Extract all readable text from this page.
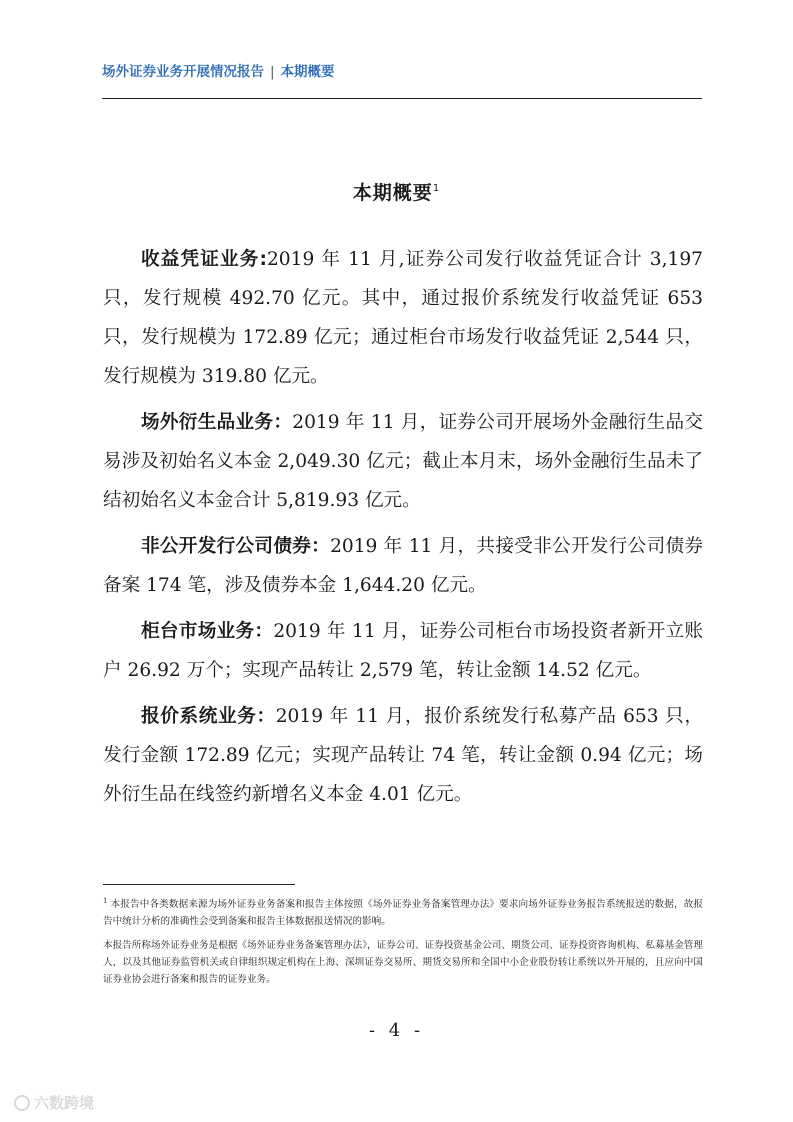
场外证券业务开展情况报告 | 本期概要
本期概要$^1$

收益凭证业务:2019 年 11 月,证券公司发行收益凭证合计 3,197 只，发行规模 492.70 亿元。其中，通过报价系统发行收益凭证 653 只，发行规模为 172.89 亿元；通过柜台市场发行收益凭证 2,544 只，发行规模为 319.80 亿元。

场外衍生品业务：2019 年 11 月，证券公司开展场外金融衍生品交易涉及初始名义本金 2,049.30 亿元；截止本月末，场外金融衍生品未了结初始名义本金合计 5,819.93 亿元。

非公开发行公司债券：2019 年 11 月，共接受非公开发行公司债券备案 174 笔，涉及债券本金 1,644.20 亿元。

柜台市场业务：2019 年 11 月，证券公司柜台市场投资者新开立账户 26.92 万个；实现产品转让 2,579 笔，转让金额 14.52 亿元。

报价系统业务：2019 年 11 月，报价系统发行私募产品 653 只，发行金额 172.89 亿元；实现产品转让 74 笔，转让金额 0.94 亿元；场外衍生品在线签约新增名义本金 4.01 亿元。

$^1$ 本报告中各类数据来源为场外证券业务备案和报告主体按照《场外证券业务备案管理办法》要求向场外证券业务报告系统报送的数据，故报告中统计分析的准确性会受到备案和报告主体数据报送情况的影响。
本报告所称场外证券业务是根据《场外证券业务备案管理办法》，证券公司、证券投资基金公司、期货公司、证券投资咨询机构、私募基金管理人，以及其他证券监管机关或自律组织规定机构在上海、深圳证券交易所、期货交易所和全国中小企业股份转让系统以外开展的，且应向中国证券业协会进行备案和报告的证券业务。
- 4 -
六数跨境
